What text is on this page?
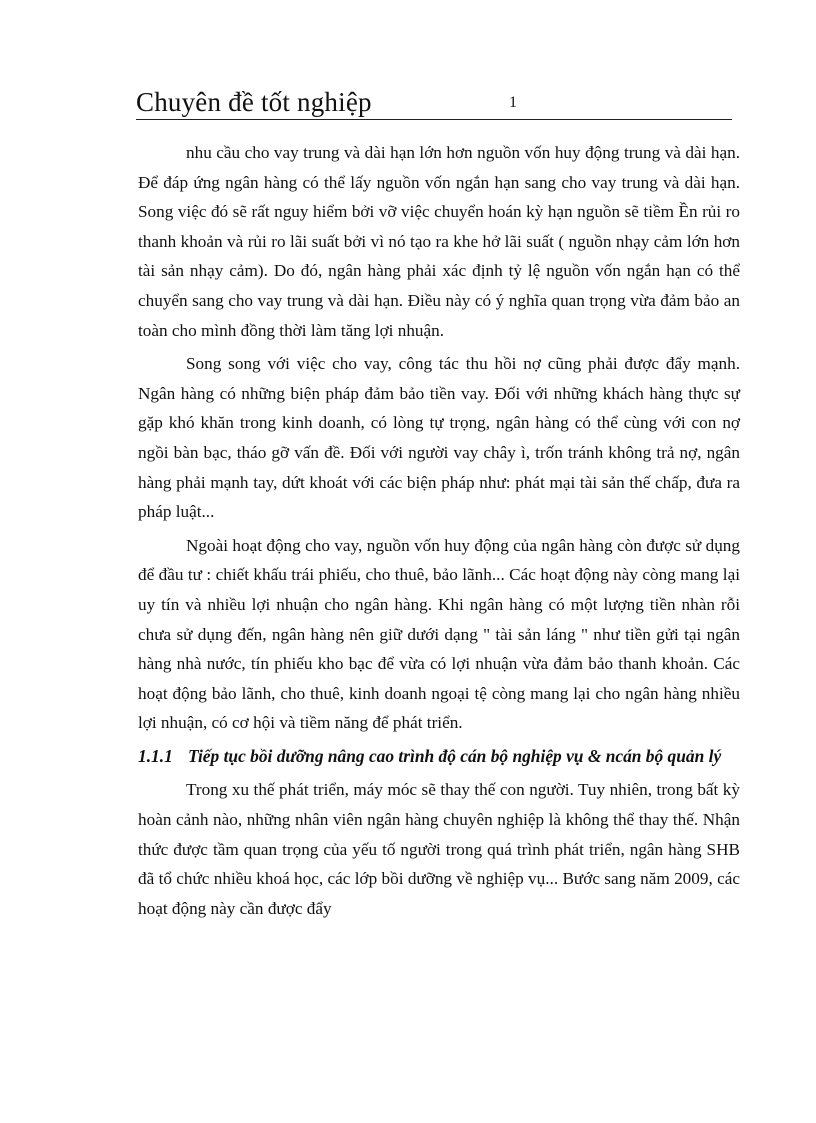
Chuyên đề tốt nghiệp	1

nhu cầu cho vay trung và dài hạn lớn hơn nguồn vốn huy động trung và dài hạn. Để đáp ứng ngân hàng có thể lấy nguồn vốn ngắn hạn sang cho vay trung và dài hạn. Song việc đó sẽ rất nguy hiểm bởi vỡ việc chuyển hoán kỳ hạn nguồn sẽ tiềm Ền rủi ro thanh khoản và rủi ro lãi suất bởi vì nó tạo ra khe hở lãi suất ( nguồn nhạy cảm lớn hơn tài sản nhạy cảm). Do đó, ngân hàng phải xác định tỷ lệ nguồn vốn ngắn hạn có thể chuyển sang cho vay trung và dài hạn. Điều này có ý nghĩa quan trọng vừa đảm bảo an toàn cho mình đồng thời làm tăng lợi nhuận.

Song song với việc cho vay, công tác thu hồi nợ cũng phải được đẩy mạnh. Ngân hàng có những biện pháp đảm bảo tiền vay. Đối với những khách hàng thực sự gặp khó khăn trong kinh doanh, có lòng tự trọng, ngân hàng có thể cùng với con nợ ngồi bàn bạc, tháo gỡ vấn đề. Đối với người vay chây ì, trốn tránh không trả nợ, ngân hàng phải mạnh tay, dứt khoát với các biện pháp như: phát mại tài sản thế chấp, đưa ra pháp luật...

Ngoài hoạt động cho vay, nguồn vốn huy động của ngân hàng còn được sử dụng để đầu tư : chiết khấu trái phiếu, cho thuê, bảo lãnh... Các hoạt động này còng mang lại uy tín và nhiều lợi nhuận cho ngân hàng. Khi ngân hàng có một lượng tiền nhàn rỗi chưa sử dụng đến, ngân hàng nên giữ dưới dạng " tài sản láng " như tiền gửi tại ngân hàng nhà nước, tín phiếu kho bạc để vừa có lợi nhuận vừa đảm bảo thanh khoản. Các hoạt động bảo lãnh, cho thuê, kinh doanh ngoại tệ còng mang lại cho ngân hàng nhiều lợi nhuận, có cơ hội và tiềm năng để phát triển.

1.1.1 Tiếp tục bồi dưỡng nâng cao trình độ cán bộ nghiệp vụ & ncán bộ quản lý

Trong xu thế phát triển, máy móc sẽ thay thế con người. Tuy nhiên, trong bất kỳ hoàn cảnh nào, những nhân viên ngân hàng chuyên nghiệp là không thể thay thế. Nhận thức được tầm quan trọng của yếu tố người trong quá trình phát triển, ngân hàng SHB đã tổ chức nhiều khoá học, các lớp bồi dưỡng về nghiệp vụ... Bước sang năm 2009, các hoạt động này cần được đẩy
